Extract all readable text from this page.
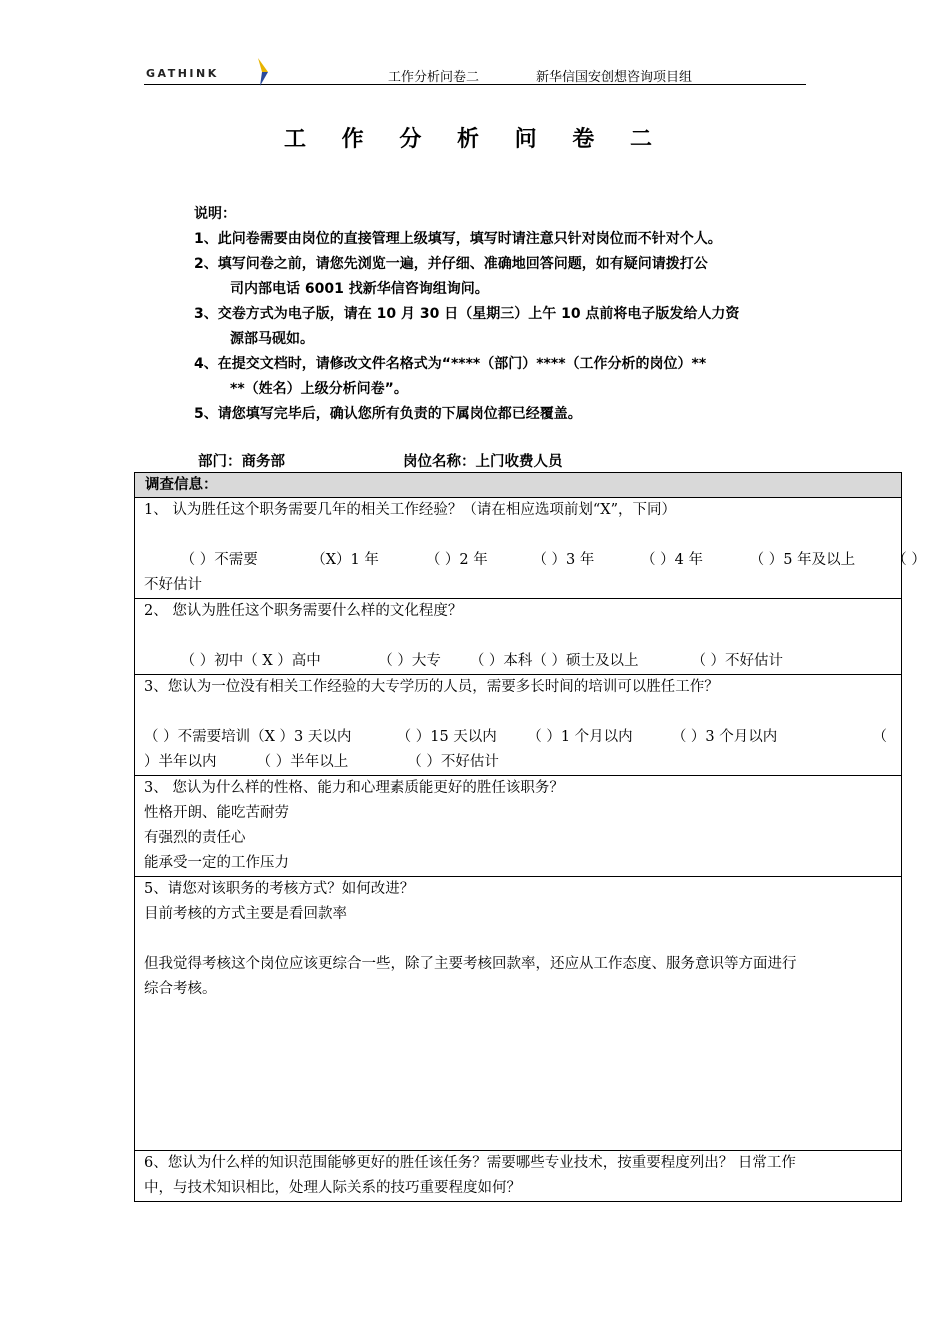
GATHINK	工作分析问卷二	新华信国安创想咨询项目组
工 作 分 析 问 卷 二
说明：
1、此问卷需要由岗位的直接管理上级填写，填写时请注意只针对岗位而不针对个人。
2、填写问卷之前，请您先浏览一遍，并仔细、准确地回答问题，如有疑问请拨打公
司内部电话 6001 找新华信咨询组询问。
3、交卷方式为电子版，请在 10 月 30 日（星期三）上午 10 点前将电子版发给人力资
源部马砚如。
4、在提交文档时，请修改文件名格式为“****（部门）****（工作分析的岗位）**
**（姓名）上级分析问卷”。
5、请您填写完毕后，确认您所有负责的下属岗位都已经覆盖。
部门：商务部	岗位名称：上门收费人员
调查信息：
1、 认为胜任这个职务需要几年的相关工作经验？（请在相应选项前划“X”，下同）
（ ）不需要	（X）1 年	（ ）2 年	（ ）3 年	（ ）4 年	（ ）5 年及以上	（ ）
不好估计
2、 您认为胜任这个职务需要什么样的文化程度？
（ ）初中（ X ）高中	（ ）大专 （ ）本科（ ）硕士及以上	（ ）不好估计
3、您认为一位没有相关工作经验的大专学历的人员，需要多长时间的培训可以胜任工作？
（ ）不需要培训（X ）3 天以内	（ ）15 天以内 （ ）1 个月以内	（ ）3 个月以内	（
）半年以内	（ ）半年以上	（ ）不好估计
3、 您认为什么样的性格、能力和心理素质能更好的胜任该职务？
性格开朗、能吃苦耐劳
有强烈的责任心
能承受一定的工作压力
5、请您对该职务的考核方式？如何改进？
目前考核的方式主要是看回款率
但我觉得考核这个岗位应该更综合一些，除了主要考核回款率，还应从工作态度、服务意识等方面进行
综合考核。
6、您认为什么样的知识范围能够更好的胜任该任务？需要哪些专业技术，按重要程度列出？ 日常工作
中，与技术知识相比，处理人际关系的技巧重要程度如何？
